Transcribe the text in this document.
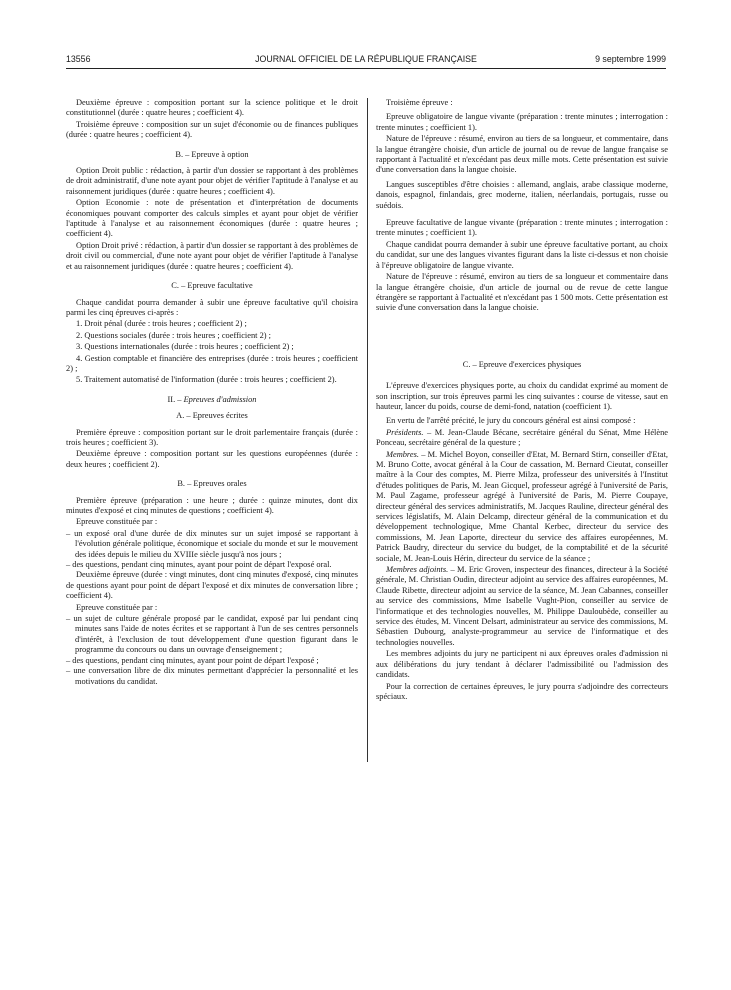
13556	JOURNAL OFFICIEL DE LA RÉPUBLIQUE FRANÇAISE	9 septembre 1999

Deuxième épreuve : composition portant sur la science politique et le droit constitutionnel (durée : quatre heures ; coefficient 4).

Troisième épreuve : composition sur un sujet d'économie ou de finances publiques (durée : quatre heures ; coefficient 4).

B. – Epreuve à option

Option Droit public : rédaction, à partir d'un dossier se rapportant à des problèmes de droit administratif, d'une note ayant pour objet de vérifier l'aptitude à l'analyse et au raisonnement juridiques (durée : quatre heures ; coefficient 4).

Option Economie : note de présentation et d'interprétation de documents économiques pouvant comporter des calculs simples et ayant pour objet de vérifier l'aptitude à l'analyse et au raisonnement économiques (durée : quatre heures ; coefficient 4).

Option Droit privé : rédaction, à partir d'un dossier se rapportant à des problèmes de droit civil ou commercial, d'une note ayant pour objet de vérifier l'aptitude à l'analyse et au raisonnement juridiques (durée : quatre heures ; coefficient 4).

C. – Epreuve facultative

Chaque candidat pourra demander à subir une épreuve facultative qu'il choisira parmi les cinq épreuves ci-après :

1. Droit pénal (durée : trois heures ; coefficient 2) ;

2. Questions sociales (durée : trois heures ; coefficient 2) ;

3. Questions internationales (durée : trois heures ; coefficient 2) ;

4. Gestion comptable et financière des entreprises (durée : trois heures ; coefficient 2) ;

5. Traitement automatisé de l'information (durée : trois heures ; coefficient 2).

II. – Epreuves d'admission

A. – Epreuves écrites

Première épreuve : composition portant sur le droit parlementaire français (durée : trois heures ; coefficient 3).

Deuxième épreuve : composition portant sur les questions européennes (durée : deux heures ; coefficient 2).

B. – Epreuves orales

Première épreuve (préparation : une heure ; durée : quinze minutes, dont dix minutes d'exposé et cinq minutes de questions ; coefficient 4).

Epreuve constituée par :

– un exposé oral d'une durée de dix minutes sur un sujet imposé se rapportant à l'évolution générale politique, économique et sociale du monde et sur le mouvement des idées depuis le milieu du XVIIIe siècle jusqu'à nos jours ;

– des questions, pendant cinq minutes, ayant pour point de départ l'exposé oral.

Deuxième épreuve (durée : vingt minutes, dont cinq minutes d'exposé, cinq minutes de questions ayant pour point de départ l'exposé et dix minutes de conversation libre ; coefficient 4).

Epreuve constituée par :

– un sujet de culture générale proposé par le candidat, exposé par lui pendant cinq minutes sans l'aide de notes écrites et se rapportant à l'un de ses centres personnels d'intérêt, à l'exclusion de tout développement d'une question figurant dans le programme du concours ou dans un ouvrage d'enseignement ;

– des questions, pendant cinq minutes, ayant pour point de départ l'exposé ;

– une conversation libre de dix minutes permettant d'apprécier la personnalité et les motivations du candidat.

Troisième épreuve :

Epreuve obligatoire de langue vivante (préparation : trente minutes ; interrogation : trente minutes ; coefficient 1).

Nature de l'épreuve : résumé, environ au tiers de sa longueur, et commentaire, dans la langue étrangère choisie, d'un article de journal ou de revue de langue française se rapportant à l'actualité et n'excédant pas deux mille mots. Cette présentation est suivie d'une conversation dans la langue choisie.

Langues susceptibles d'être choisies : allemand, anglais, arabe classique moderne, danois, espagnol, finlandais, grec moderne, italien, néerlandais, portugais, russe ou suédois.

Epreuve facultative de langue vivante (préparation : trente minutes ; interrogation : trente minutes ; coefficient 1).

Chaque candidat pourra demander à subir une épreuve facultative portant, au choix du candidat, sur une des langues vivantes figurant dans la liste ci-dessus et non choisie à l'épreuve obligatoire de langue vivante.

Nature de l'épreuve : résumé, environ au tiers de sa longueur et commentaire dans la langue étrangère choisie, d'un article de journal ou de revue de cette langue étrangère se rapportant à l'actualité et n'excédant pas 1 500 mots. Cette présentation est suivie d'une conversation dans la langue choisie.

C. – Epreuve d'exercices physiques

L'épreuve d'exercices physiques porte, au choix du candidat exprimé au moment de son inscription, sur trois épreuves parmi les cinq suivantes : course de vitesse, saut en hauteur, lancer du poids, course de demi-fond, natation (coefficient 1).

En vertu de l'arrêté précité, le jury du concours général est ainsi composé :

Présidents. – M. Jean-Claude Bécane, secrétaire général du Sénat, Mme Hélène Ponceau, secrétaire général de la questure ;

Membres. – M. Michel Boyon, conseiller d'Etat, M. Bernard Stirn, conseiller d'Etat, M. Bruno Cotte, avocat général à la Cour de cassation, M. Bernard Cieutat, conseiller maître à la Cour des comptes, M. Pierre Milza, professeur des universités à l'Institut d'études politiques de Paris, M. Jean Gicquel, professeur agrégé à l'université de Paris, M. Paul Zagame, professeur agrégé à l'université de Paris, M. Pierre Coupaye, directeur général des services administratifs, M. Jacques Rauline, directeur général des services législatifs, M. Alain Delcamp, directeur général de la communication et du développement technologique, Mme Chantal Kerbec, directeur du service des commissions, M. Jean Laporte, directeur du service des affaires européennes, M. Patrick Baudry, directeur du service du budget, de la comptabilité et de la sécurité sociale, M. Jean-Louis Hérin, directeur du service de la séance ;

Membres adjoints. – M. Eric Groven, inspecteur des finances, directeur à la Société générale, M. Christian Oudin, directeur adjoint au service des affaires européennes, M. Claude Ribette, directeur adjoint au service de la séance, M. Jean Cabannes, conseiller au service des commissions, Mme Isabelle Vught-Pion, conseiller au service de l'informatique et des technologies nouvelles, M. Philippe Dauloubède, conseiller au service des études, M. Vincent Delsart, administrateur au service des commissions, M. Sébastien Dubourg, analyste-programmeur au service de l'informatique et des technologies nouvelles.

Les membres adjoints du jury ne participent ni aux épreuves orales d'admission ni aux délibérations du jury tendant à déclarer l'admissibilité ou l'admission des candidats.

Pour la correction de certaines épreuves, le jury pourra s'adjoindre des correcteurs spéciaux.
